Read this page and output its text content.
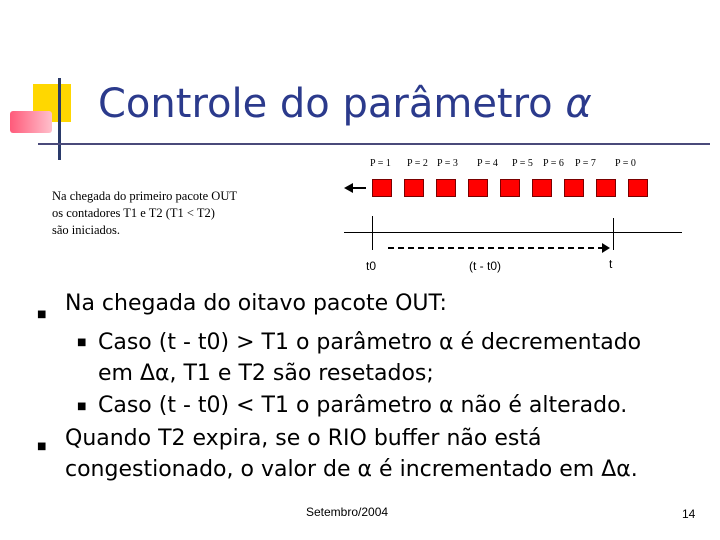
Controle do parâmetro α
P = 1 P = 2 P = 3 P = 4 P = 5 P = 6 P = 7 P = 0
t0	(t - t0)	t
Na chegada do primeiro pacote OUT
os contadores T1 e T2 (T1 < T2)
são iniciados.
■ Na chegada do oitavo pacote OUT:
■ Caso (t - t0) > T1 o parâmetro α é decrementado
em Δα, T1 e T2 são resetados;
■ Caso (t - t0) < T1 o parâmetro α não é alterado.
■ Quando T2 expira, se o RIO buffer não está
congestionado, o valor de α é incrementado em Δα.
Setembro/2004	14
